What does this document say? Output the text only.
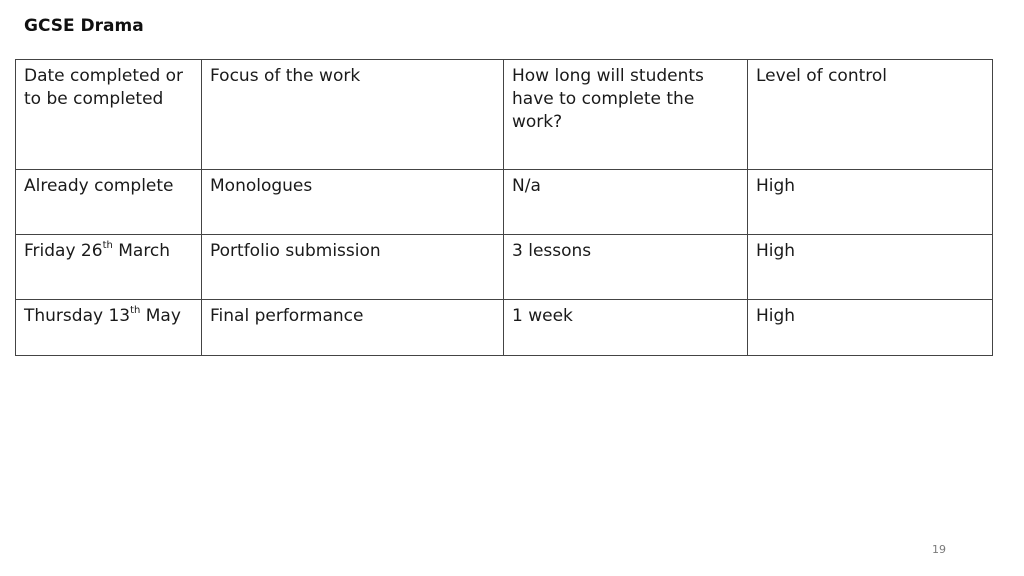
GCSE Drama
Date completed or to be completed	Focus of the work	How long will students have to complete the work?	Level of control
Already complete	Monologues	N/a	High
Friday 26th March	Portfolio submission	3 lessons	High
Thursday 13th May	Final performance	1 week	High
19
